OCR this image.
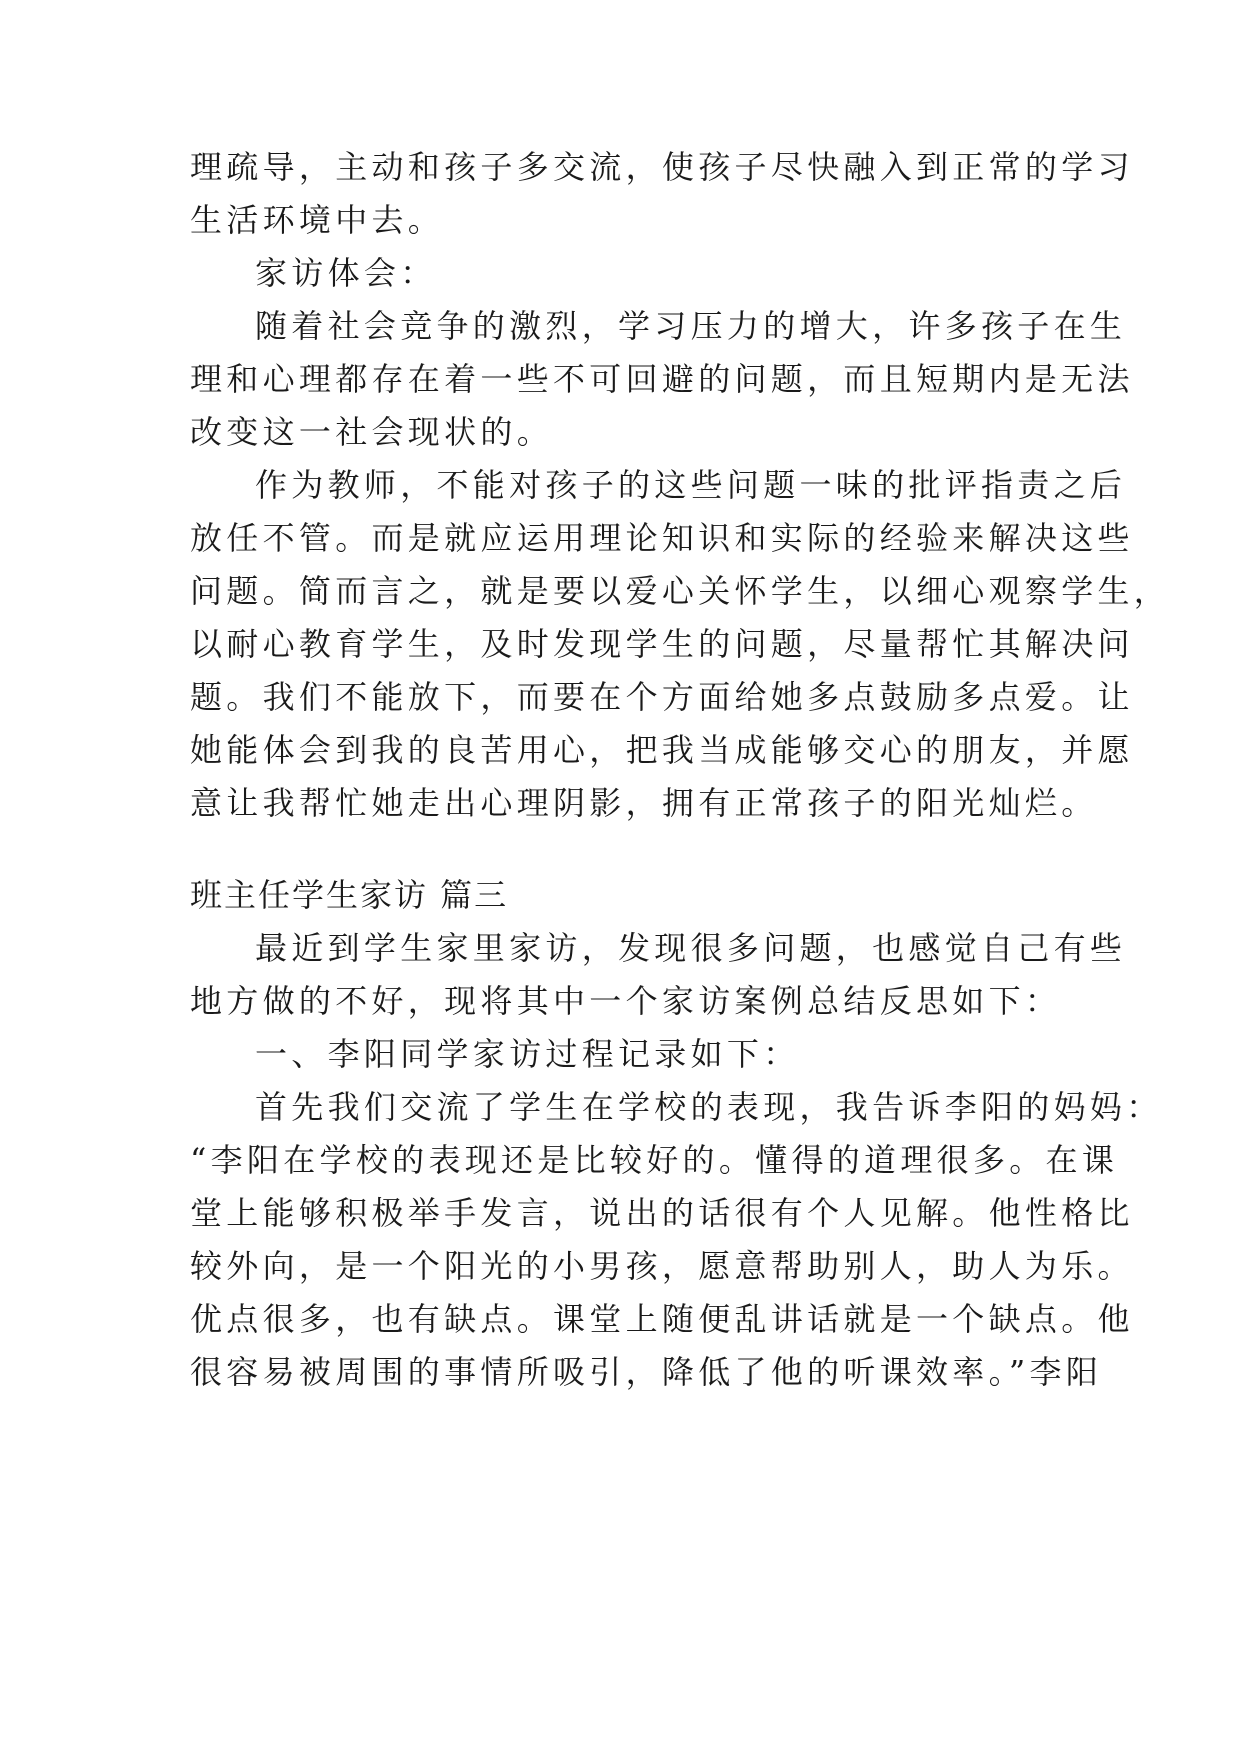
理疏导，主动和孩子多交流，使孩子尽快融入到正常的学习
生活环境中去。
家访体会：
随着社会竞争的激烈，学习压力的增大，许多孩子在生
理和心理都存在着一些不可回避的问题，而且短期内是无法
改变这一社会现状的。
作为教师，不能对孩子的这些问题一味的批评指责之后
放任不管。而是就应运用理论知识和实际的经验来解决这些
问题。简而言之，就是要以爱心关怀学生，以细心观察学生，
以耐心教育学生，及时发现学生的问题，尽量帮忙其解决问
题。我们不能放下，而要在个方面给她多点鼓励多点爱。让
她能体会到我的良苦用心，把我当成能够交心的朋友，并愿
意让我帮忙她走出心理阴影，拥有正常孩子的阳光灿烂。
班主任学生家访 篇三
最近到学生家里家访，发现很多问题，也感觉自己有些
地方做的不好，现将其中一个家访案例总结反思如下：
一、李阳同学家访过程记录如下：
首先我们交流了学生在学校的表现，我告诉李阳的妈妈：
“李阳在学校的表现还是比较好的。懂得的道理很多。在课
堂上能够积极举手发言，说出的话很有个人见解。他性格比
较外向，是一个阳光的小男孩，愿意帮助别人，助人为乐。
优点很多，也有缺点。课堂上随便乱讲话就是一个缺点。他
很容易被周围的事情所吸引，降低了他的听课效率。”李阳
